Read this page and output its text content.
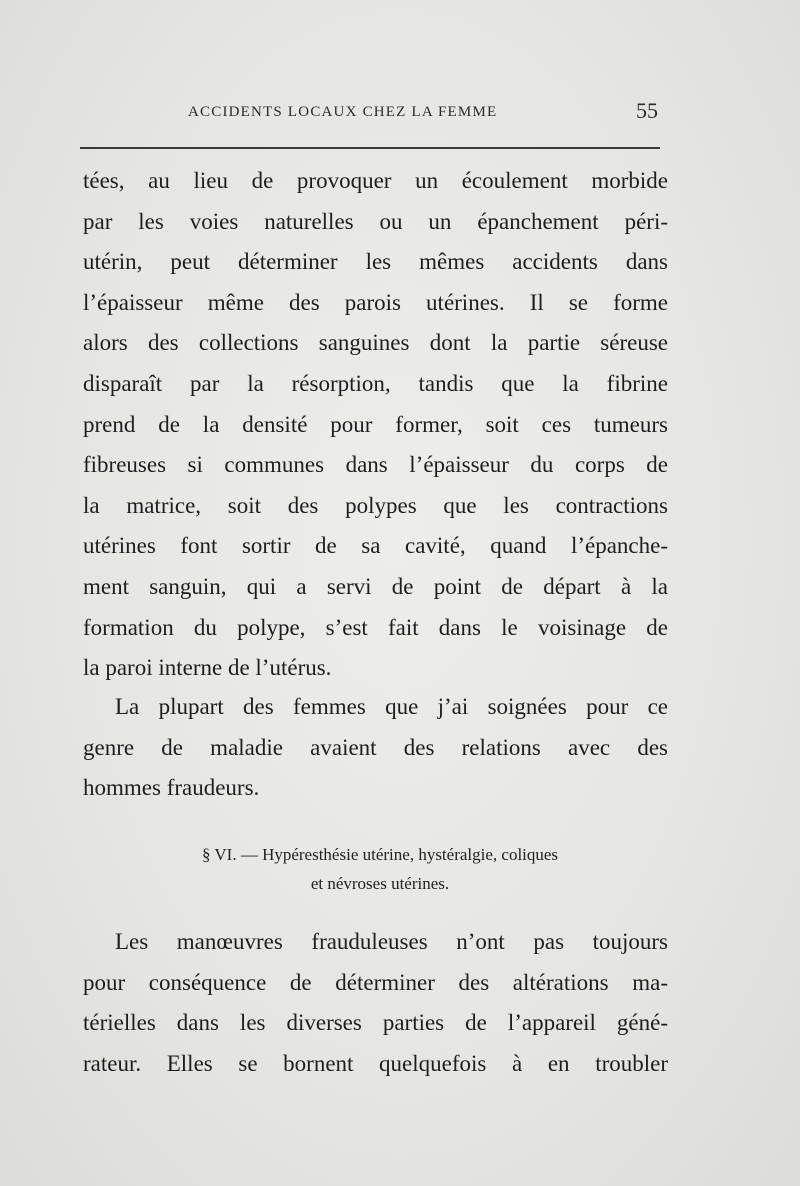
ACCIDENTS LOCAUX CHEZ LA FEMME	55
tées, au lieu de provoquer un écoulement morbide
par les voies naturelles ou un épanchement péri-
utérin, peut déterminer les mêmes accidents dans
l’épaisseur même des parois utérines. Il se forme
alors des collections sanguines dont la partie séreuse
disparaît par la résorption, tandis que la fibrine
prend de la densité pour former, soit ces tumeurs
fibreuses si communes dans l’épaisseur du corps de
la matrice, soit des polypes que les contractions
utérines font sortir de sa cavité, quand l’épanche-
ment sanguin, qui a servi de point de départ à la
formation du polype, s’est fait dans le voisinage de
la paroi interne de l’utérus.
La plupart des femmes que j’ai soignées pour ce
genre de maladie avaient des relations avec des
hommes fraudeurs.
§ VI. — Hypéresthésie utérine, hystéralgie, coliques
et névroses utérines.
Les manœuvres frauduleuses n’ont pas toujours
pour conséquence de déterminer des altérations ma-
térielles dans les diverses parties de l’appareil géné-
rateur. Elles se bornent quelquefois à en troubler
